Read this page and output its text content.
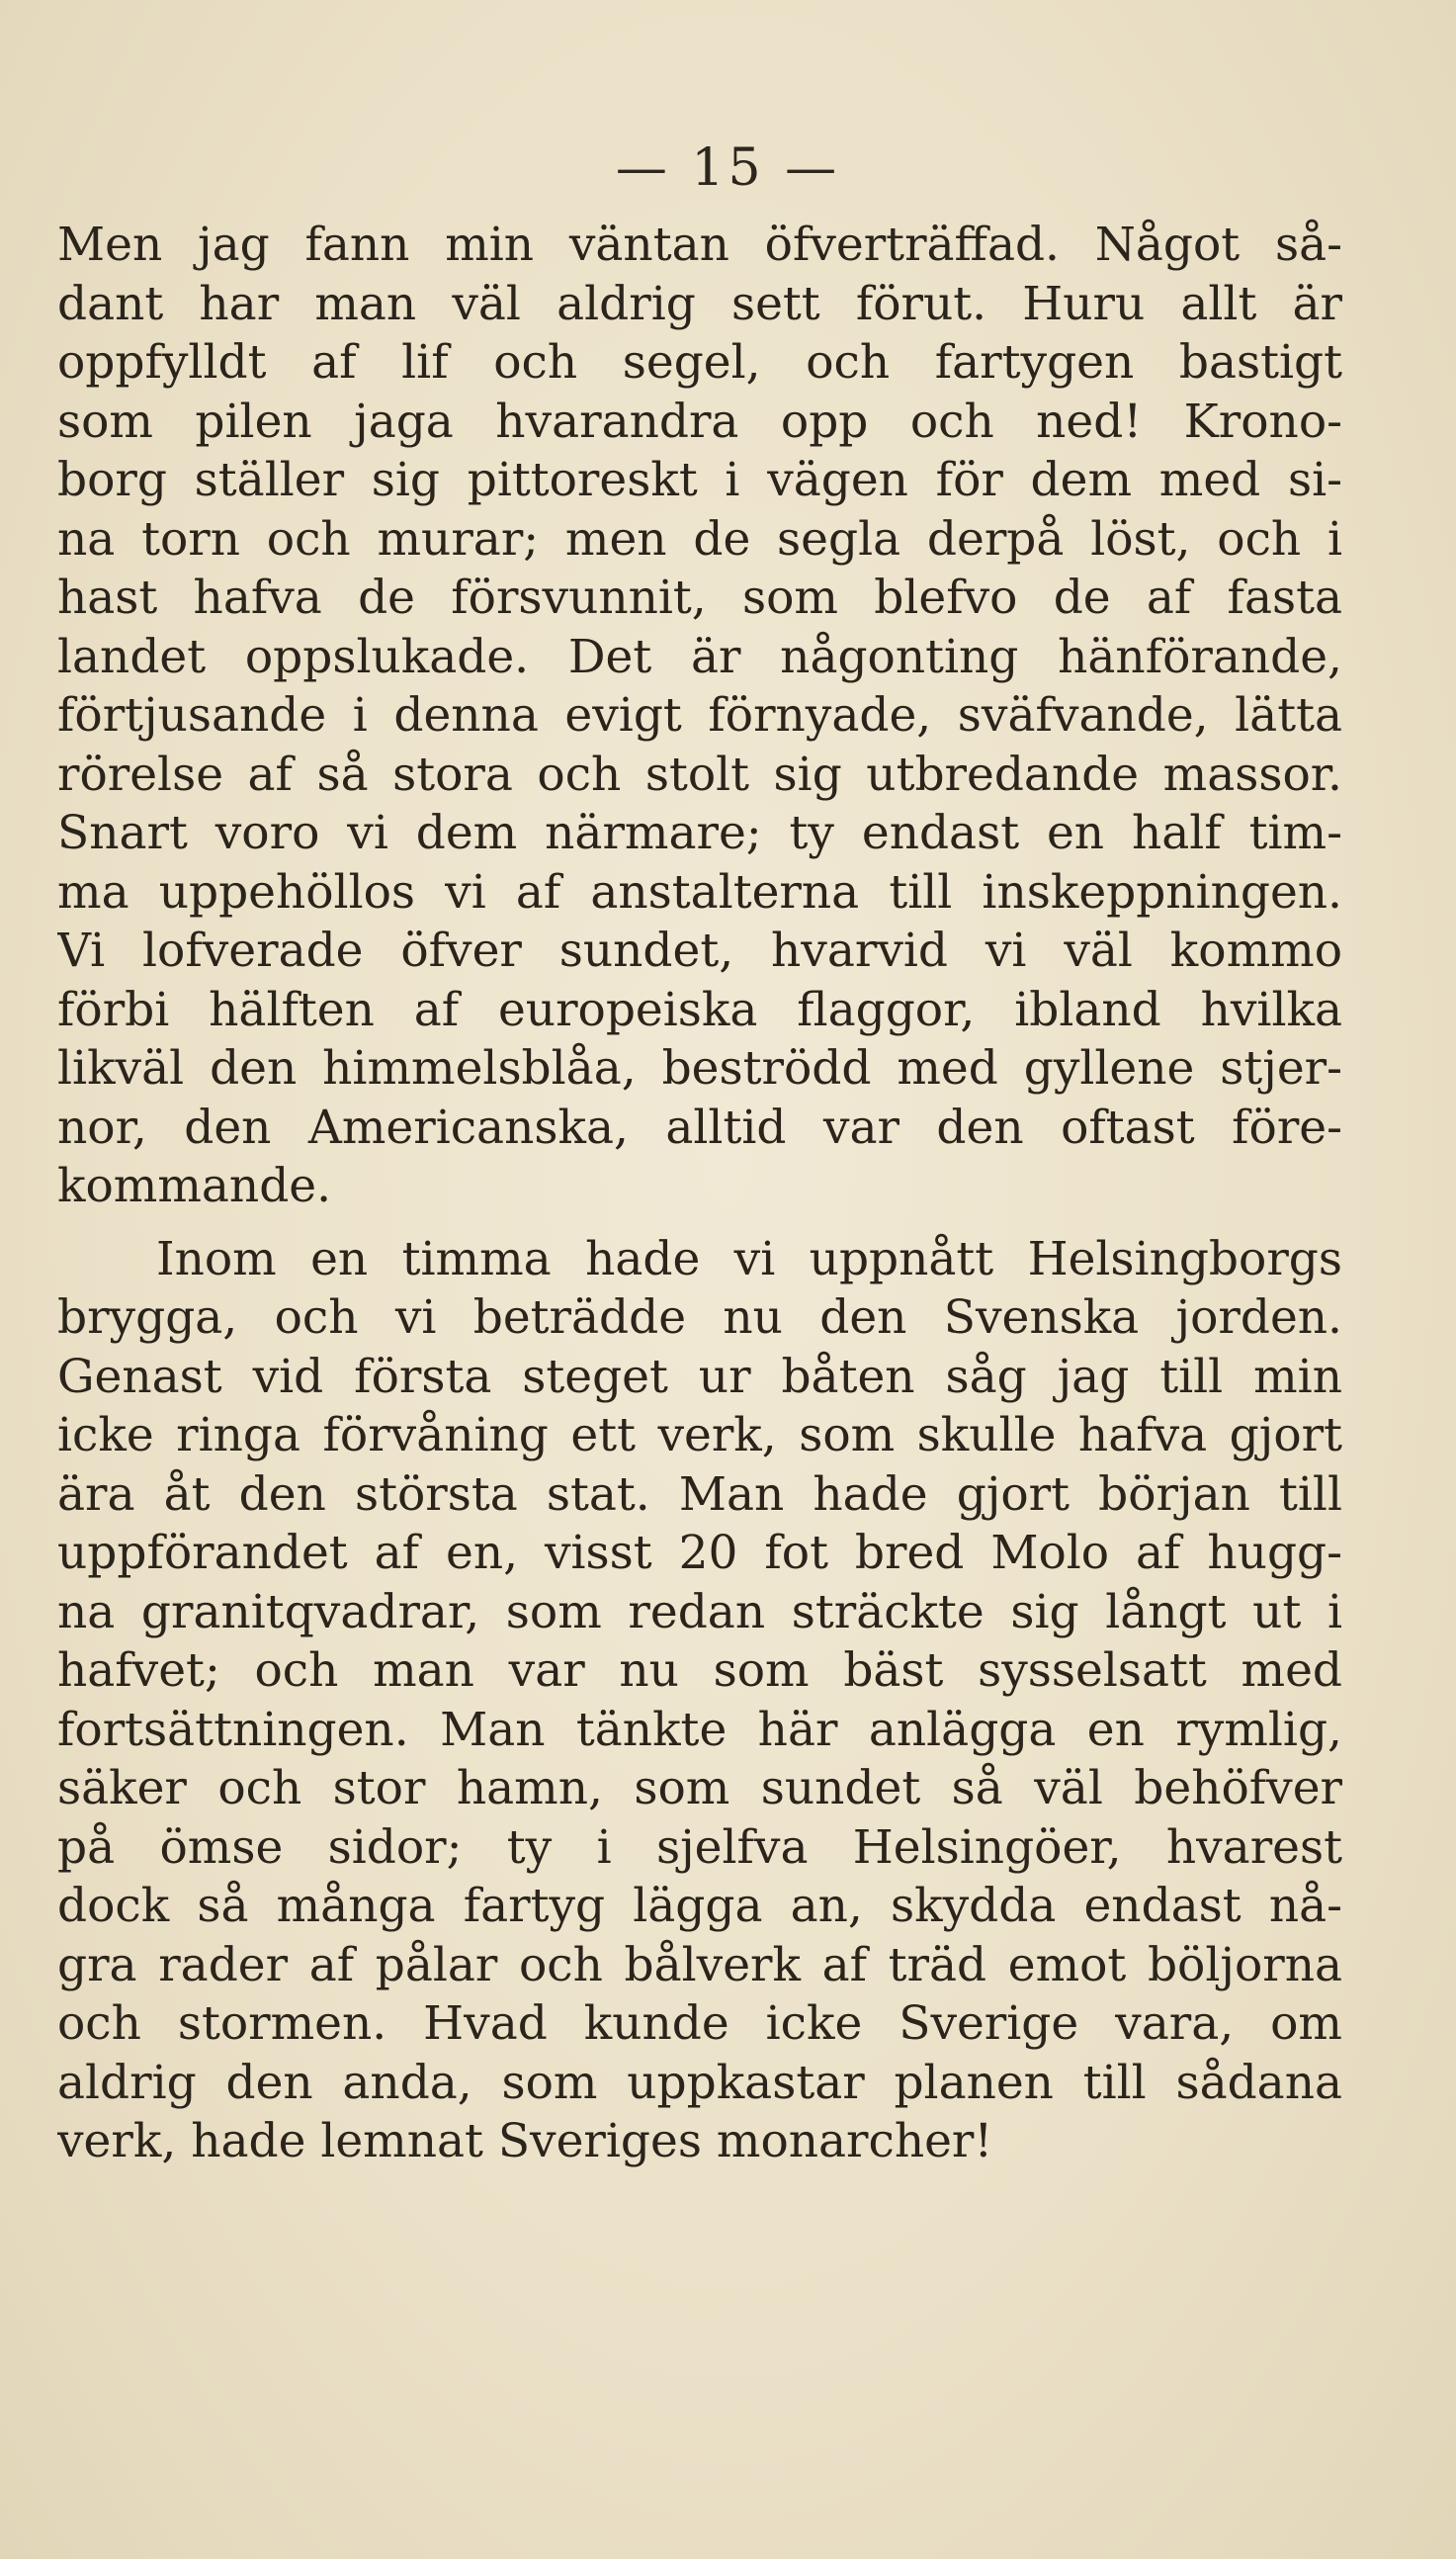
— 15 —
Men jag fann min väntan öfverträffad. Något så-
dant har man väl aldrig sett förut. Huru allt är
oppfylldt af lif och segel, och fartygen bastigt
som pilen jaga hvarandra opp och ned! Krono-
borg ställer sig pittoreskt i vägen för dem med si-
na torn och murar; men de segla derpå löst, och i
hast hafva de försvunnit, som blefvo de af fasta
landet oppslukade. Det är någonting hänförande,
förtjusande i denna evigt förnyade, sväfvande, lätta
rörelse af så stora och stolt sig utbredande massor.
Snart voro vi dem närmare; ty endast en half tim-
ma uppehöllos vi af anstalterna till inskeppningen.
Vi lofverade öfver sundet, hvarvid vi väl kommo
förbi hälften af europeiska flaggor, ibland hvilka
likväl den himmelsblåa, beströdd med gyllene stjer-
nor, den Americanska, alltid var den oftast före-
kommande.
Inom en timma hade vi uppnått Helsingborgs
brygga, och vi beträdde nu den Svenska jorden.
Genast vid första steget ur båten såg jag till min
icke ringa förvåning ett verk, som skulle hafva gjort
ära åt den största stat. Man hade gjort början till
uppförandet af en, visst 20 fot bred Molo af hugg-
na granitqvadrar, som redan sträckte sig långt ut i
hafvet; och man var nu som bäst sysselsatt med
fortsättningen. Man tänkte här anlägga en rymlig,
säker och stor hamn, som sundet så väl behöfver
på ömse sidor; ty i sjelfva Helsingöer, hvarest
dock så många fartyg lägga an, skydda endast nå-
gra rader af pålar och bålverk af träd emot böljorna
och stormen. Hvad kunde icke Sverige vara, om
aldrig den anda, som uppkastar planen till sådana
verk, hade lemnat Sveriges monarcher!
